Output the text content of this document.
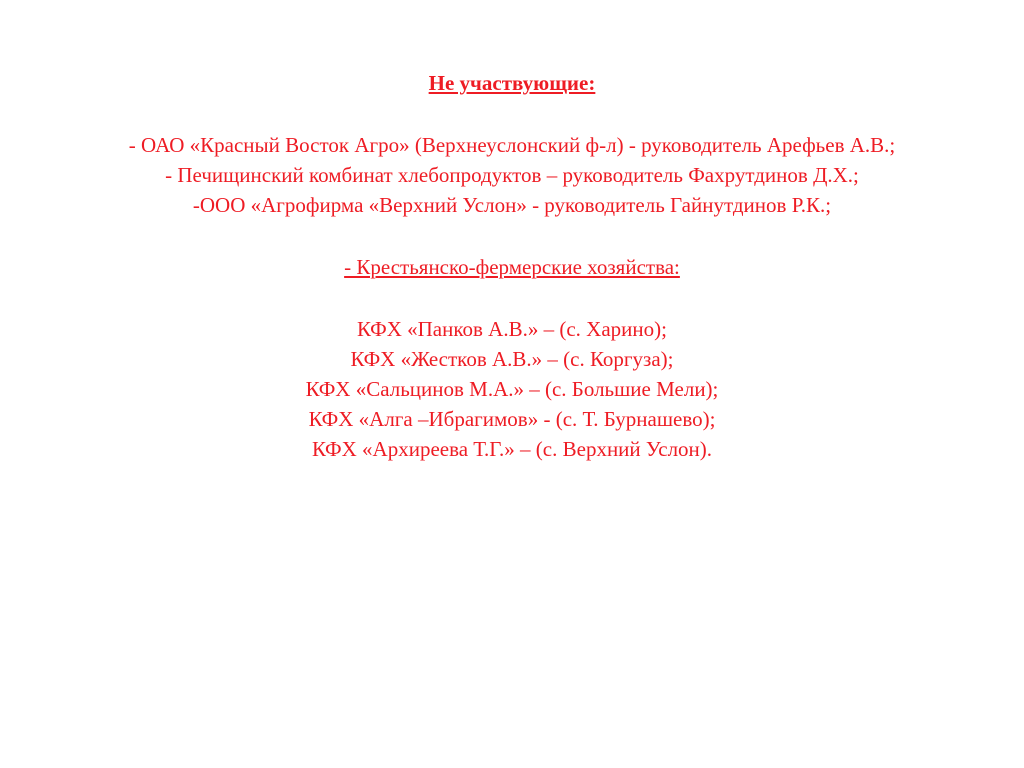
Не участвующие:

- ОАО «Красный Восток Агро» (Верхнеуслонский ф-л) - руководитель Арефьев А.В.;

- Печищинский комбинат хлебопродуктов – руководитель Фахрутдинов Д.Х.;

-ООО «Агрофирма «Верхний Услон» - руководитель Гайнутдинов Р.К.;

- Крестьянско-фермерские хозяйства:

КФХ «Панков А.В.» – (с. Харино);

КФХ «Жестков А.В.» – (с. Коргуза);

КФХ «Сальцинов М.А.» – (с. Большие Мели);

КФХ «Алга –Ибрагимов» - (с. Т. Бурнашево);

КФХ «Архиреева Т.Г.» – (с. Верхний Услон).
